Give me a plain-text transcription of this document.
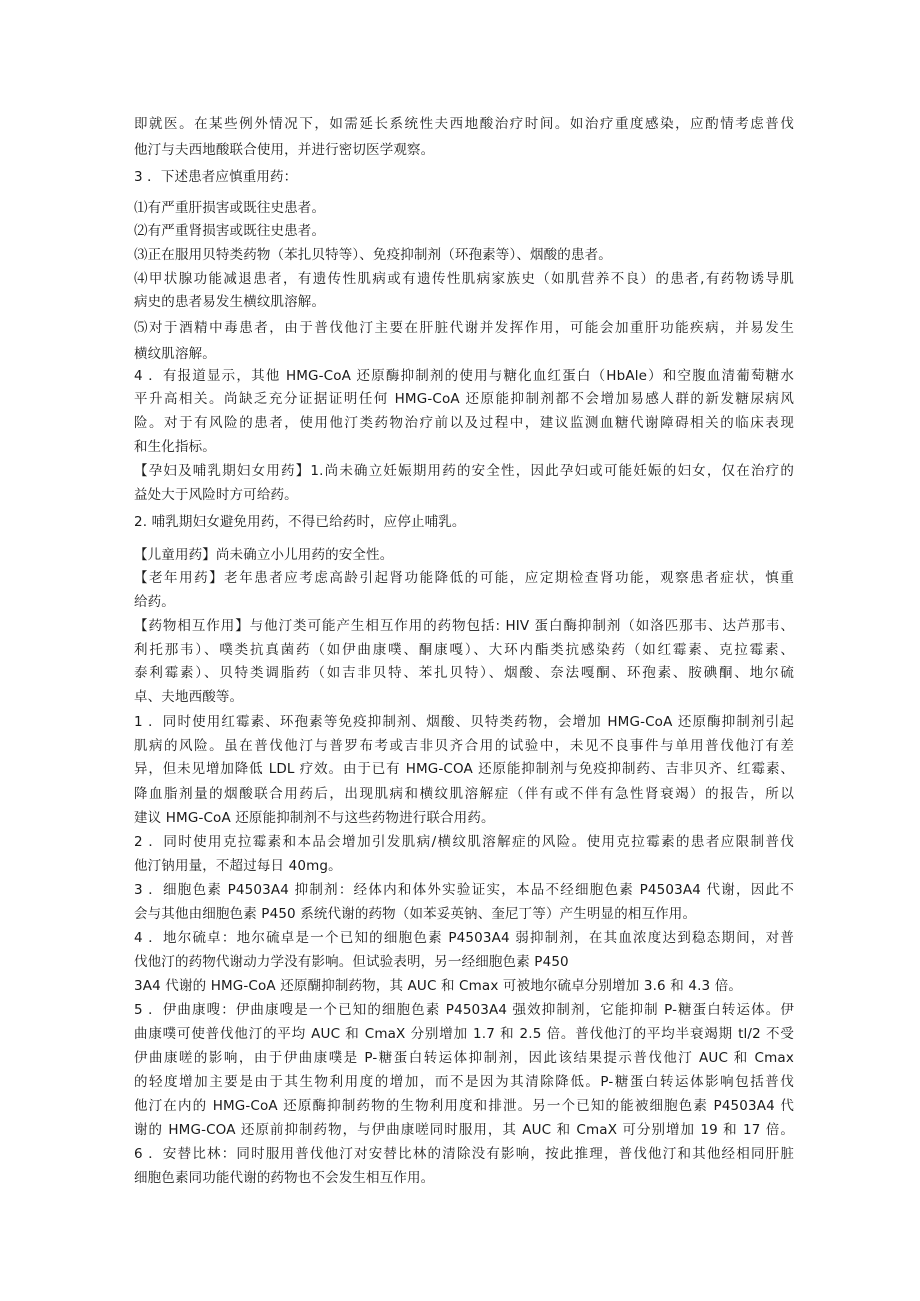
即就医。在某些例外情况下，如需延长系统性夫西地酸治疗时间。如治疗重度感染，应酌情考虑普伐
他汀与夫西地酸联合使用，并进行密切医学观察。
3 ．下述患者应慎重用药：
⑴有严重肝损害或既往史患者。
⑵有严重肾损害或既往史患者。
⑶正在服用贝特类药物（苯扎贝特等）、免疫抑制剂（环孢素等）、烟酸的患者。
⑷甲状腺功能减退患者，有遗传性肌病或有遗传性肌病家族史（如肌营养不良）的患者,有药物诱导肌
病史的患者易发生横纹肌溶解。
⑸对于酒精中毒患者，由于普伐他汀主要在肝脏代谢并发挥作用，可能会加重肝功能疾病，并易发生
横纹肌溶解。
4 ．有报道显示，其他 HMG-CoA 还原酶抑制剂的使用与糖化血红蛋白（HbAle）和空腹血清葡萄糖水
平升高相关。尚缺乏充分证据证明任何 HMG-CoA 还原能抑制剂都不会增加易感人群的新发糖尿病风
险。对于有风险的患者，使用他汀类药物治疗前以及过程中，建议监测血糖代谢障碍相关的临床表现
和生化指标。
【孕妇及哺乳期妇女用药】1.尚未确立妊娠期用药的安全性，因此孕妇或可能妊娠的妇女，仅在治疗的
益处大于风险时方可给药。
2. 哺乳期妇女避免用药，不得已给药时，应停止哺乳。
【儿童用药】尚未确立小儿用药的安全性。
【老年用药】老年患者应考虑高龄引起肾功能降低的可能，应定期检查肾功能，观察患者症状，慎重
给药。
【药物相互作用】与他汀类可能产生相互作用的药物包括: HIV 蛋白酶抑制剂（如洛匹那韦、达芦那韦、
利托那韦）、噗类抗真菌药（如伊曲康噗、酮康嘎）、大环内酯类抗感染药（如红霉素、克拉霉素、
泰利霉素）、贝特类调脂药（如吉非贝特、苯扎贝特）、烟酸、奈法嘎酮、环孢素、胺碘酮、地尔硫
卓、夫地西酸等。
1 ．同时使用红霉素、环孢素等免疫抑制剂、烟酸、贝特类药物，会增加 HMG-CoA 还原酶抑制剂引起
肌病的风险。虽在普伐他汀与普罗布考或吉非贝齐合用的试验中，未见不良事件与单用普伐他汀有差
异，但未见增加降低 LDL 疗效。由于已有 HMG-COA 还原能抑制剂与免疫抑制药、吉非贝齐、红霉素、
降血脂剂量的烟酸联合用药后，出现肌病和横纹肌溶解症（伴有或不伴有急性肾衰竭）的报告，所以
建议 HMG-CoA 还原能抑制剂不与这些药物进行联合用药。
2 ．同时使用克拉霉素和本品会增加引发肌病/横纹肌溶解症的风险。使用克拉霉素的患者应限制普伐
他汀钠用量，不超过每日 40mg。
3 ．细胞色素 P4503A4 抑制剂：经体内和体外实验证实，本品不经细胞色素 P4503A4 代谢，因此不
会与其他由细胞色素 P450 系统代谢的药物（如苯妥英钠、奎尼丁等）产生明显的相互作用。
4 ．地尔硫卓：地尔硫卓是一个已知的细胞色素 P4503A4 弱抑制剂，在其血浓度达到稳态期间，对普
伐他汀的药物代谢动力学没有影响。但试验表明，另一经细胞色素 P450
3A4 代谢的 HMG-CoA 还原醐抑制药物，其 AUC 和 Cmax 可被地尔硫卓分别增加 3.6 和 4.3 倍。
5 ．伊曲康嗖：伊曲康嗖是一个已知的细胞色素 P4503A4 强效抑制剂，它能抑制 P-糖蛋白转运体。伊
曲康噗可使普伐他汀的平均 AUC 和 CmaX 分别增加 1.7 和 2.5 倍。普伐他汀的平均半衰竭期 tl/2 不受
伊曲康嗟的影响，由于伊曲康噗是 P-糖蛋白转运体抑制剂，因此该结果提示普伐他汀 AUC 和 Cmax
的轻度增加主要是由于其生物利用度的增加，而不是因为其清除降低。P-糖蛋白转运体影响包括普伐
他汀在内的 HMG-CoA 还原酶抑制药物的生物利用度和排泄。另一个已知的能被细胞色素 P4503A4 代
谢的 HMG-COA 还原前抑制药物，与伊曲康嗟同时服用，其 AUC 和 CmaX 可分别增加 19 和 17 倍。
6 ．安替比林：同时服用普伐他汀对安替比林的清除没有影响，按此推理，普伐他汀和其他经相同肝脏
细胞色素同功能代谢的药物也不会发生相互作用。
